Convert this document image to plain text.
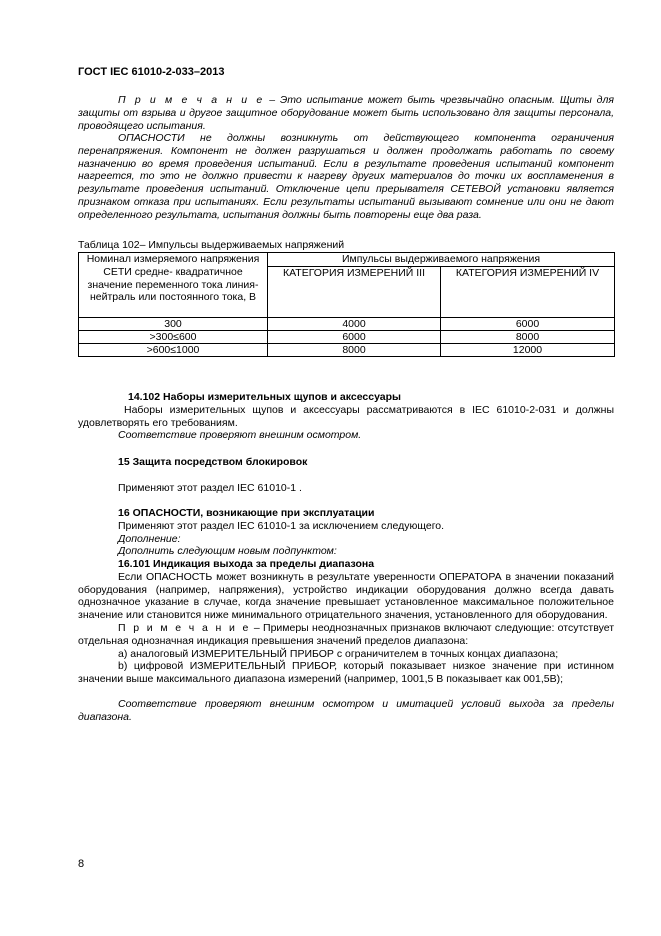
ГОСТ IEC 61010-2-033–2013

П р и м е ч а н и е – Это испытание может быть чрезвычайно опасным. Щиты для защиты от взрыва и другое защитное оборудование может быть использовано для защиты персонала, проводящего испытания.

ОПАСНОСТИ не должны возникнуть от действующего компонента ограничения перенапряжения. Компонент не должен разрушаться и должен продолжать работать по своему назначению во время проведения испытаний. Если в результате проведения испытаний компонент нагреется, то это не должно привести к нагреву других материалов до точки их воспламенения в результате проведения испытаний. Отключение цепи прерывателя СЕТЕВОЙ установки является признаком отказа при испытаниях. Если результаты испытаний вызывают сомнение или они не дают определенного результата, испытания должны быть повторены еще два раза.

Таблица 102– Импульсы выдерживаемых напряжений
Номинал измеряемого напряжения СЕТИ средне- квадратичное значение переменного тока линия-нейтраль или постоянного тока, В	Импульсы выдерживаемого напряжения	
	КАТЕГОРИЯ ИЗМЕРЕНИЙ III	КАТЕГОРИЯ ИЗМЕРЕНИЙ IV
300	4000	6000
>300≤600	6000	8000
>600≤1000	8000	12000

14.102 Наборы измерительных щупов и аксессуары

Наборы измерительных щупов и аксессуары рассматриваются в IEC 61010-2-031 и должны удовлетворять его требованиям.

Соответствие проверяют внешним осмотром.

15 Защита посредством блокировок

Применяют этот раздел IEC 61010-1 .

16 ОПАСНОСТИ, возникающие при эксплуатации

Применяют этот раздел IEC 61010-1 за исключением следующего.

Дополнение:

Дополнить следующим новым подпунктом:

16.101 Индикация выхода за пределы диапазона

Если ОПАСНОСТЬ может возникнуть в результате уверенности ОПЕРАТОРА в значении показаний оборудования (например, напряжения), устройство индикации оборудования должно всегда давать однозначное указание в случае, когда значение превышает установленное максимальное положительное значение или становится ниже минимального отрицательного значения, установленного для оборудования.

П р и м е ч а н и е – Примеры неоднозначных признаков включают следующие: отсутствует отдельная однозначная индикация превышения значений пределов диапазона:

а) аналоговый ИЗМЕРИТЕЛЬНЫЙ ПРИБОР с ограничителем в точных концах диапазона;

b) цифровой ИЗМЕРИТЕЛЬНЫЙ ПРИБОР, который показывает низкое значение при истинном значении выше максимального диапазона измерений (например, 1001,5 В показывает как 001,5В);

Соответствие проверяют внешним осмотром и имитацией условий выхода за пределы диапазона.

8
